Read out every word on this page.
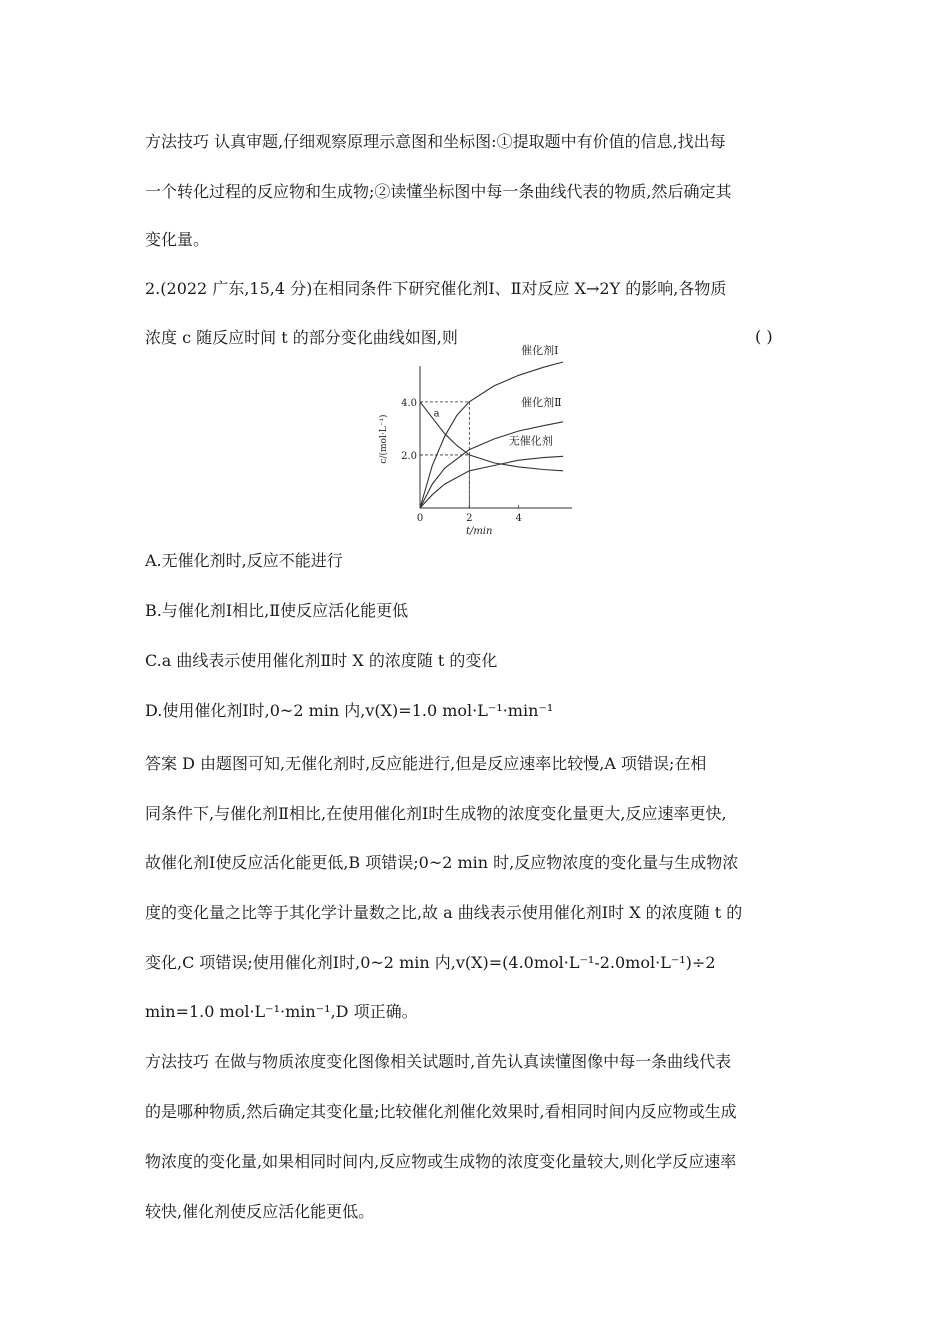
方法技巧 认真审题,仔细观察原理示意图和坐标图:①提取题中有价值的信息,找出每
一个转化过程的反应物和生成物;②读懂坐标图中每一条曲线代表的物质,然后确定其
变化量。
2.(2022 广东,15,4 分)在相同条件下研究催化剂Ⅰ、Ⅱ对反应 X→2Y 的影响,各物质
浓度 c 随反应时间 t 的部分变化曲线如图,则	( )
0	2	4
2.0
4.0
t/min
c/(mol·L⁻¹)
催化剂Ⅰ
催化剂Ⅱ
无催化剂
a
A.无催化剂时,反应不能进行
B.与催化剂Ⅰ相比,Ⅱ使反应活化能更低
C.a 曲线表示使用催化剂Ⅱ时 X 的浓度随 t 的变化
D.使用催化剂Ⅰ时,0~2 min 内,v(X)=1.0 mol·L⁻¹·min⁻¹
答案 D 由题图可知,无催化剂时,反应能进行,但是反应速率比较慢,A 项错误;在相
同条件下,与催化剂Ⅱ相比,在使用催化剂Ⅰ时生成物的浓度变化量更大,反应速率更快,
故催化剂Ⅰ使反应活化能更低,B 项错误;0~2 min 时,反应物浓度的变化量与生成物浓
度的变化量之比等于其化学计量数之比,故 a 曲线表示使用催化剂Ⅰ时 X 的浓度随 t 的
变化,C 项错误;使用催化剂Ⅰ时,0~2 min 内,v(X)=(4.0mol·L⁻¹-2.0mol·L⁻¹)÷2
min=1.0 mol·L⁻¹·min⁻¹,D 项正确。
方法技巧 在做与物质浓度变化图像相关试题时,首先认真读懂图像中每一条曲线代表
的是哪种物质,然后确定其变化量;比较催化剂催化效果时,看相同时间内反应物或生成
物浓度的变化量,如果相同时间内,反应物或生成物的浓度变化量较大,则化学反应速率
较快,催化剂使反应活化能更低。
